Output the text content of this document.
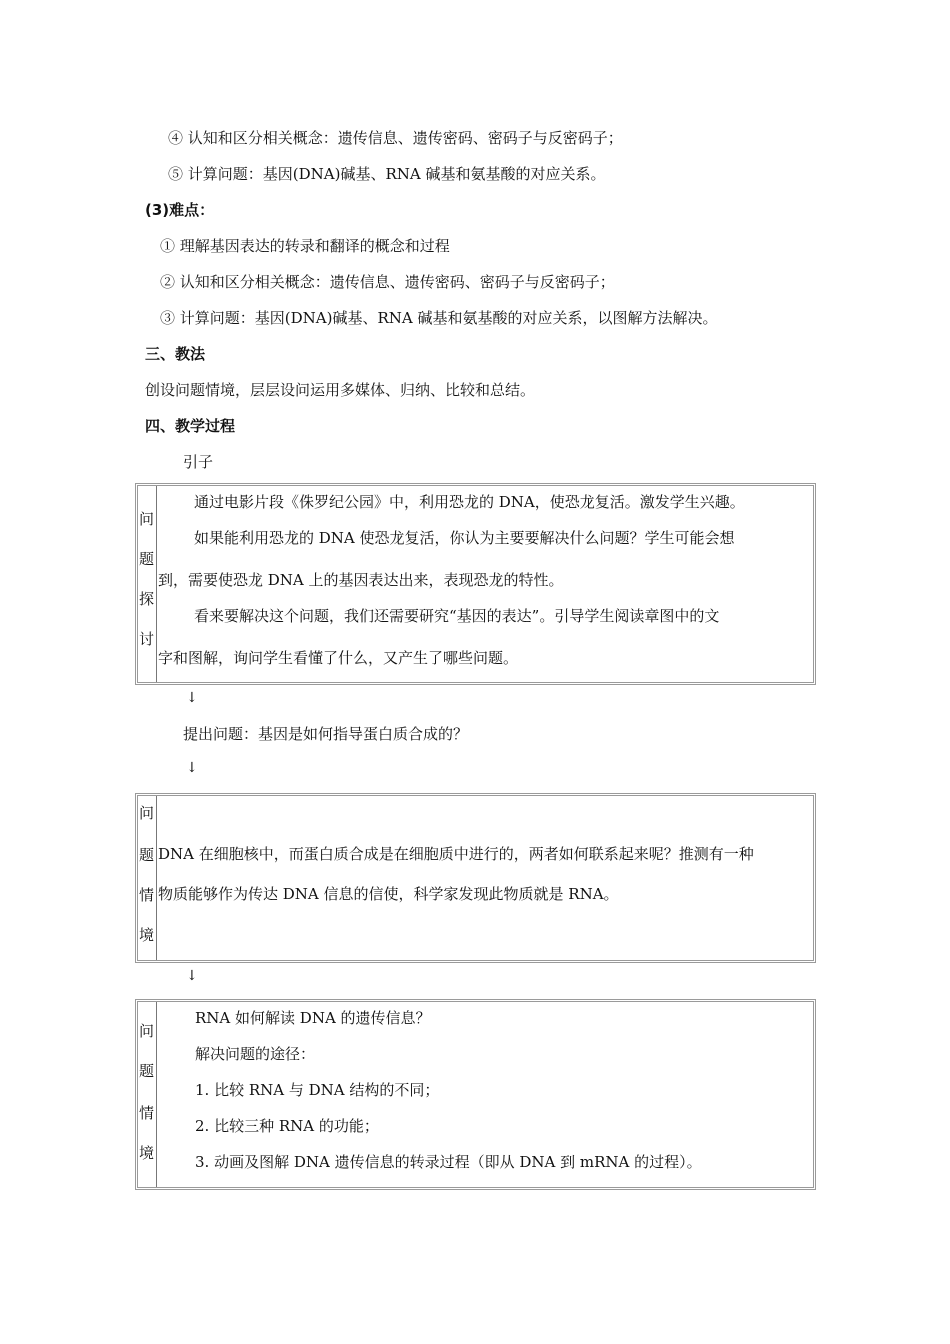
④ 认知和区分相关概念：遗传信息、遗传密码、密码子与反密码子；
⑤ 计算问题：基因(DNA)碱基、RNA 碱基和氨基酸的对应关系。
(3)难点：
① 理解基因表达的转录和翻译的概念和过程
② 认知和区分相关概念：遗传信息、遗传密码、密码子与反密码子；
③ 计算问题：基因(DNA)碱基、RNA 碱基和氨基酸的对应关系，以图解方法解决。
三、教法
创设问题情境，层层设问运用多媒体、归纳、比较和总结。
四、教学过程
引子
问
题
探
讨
通过电影片段《侏罗纪公园》中，利用恐龙的 DNA，使恐龙复活。激发学生兴趣。
如果能利用恐龙的 DNA 使恐龙复活，你认为主要要解决什么问题？学生可能会想
到，需要使恐龙 DNA 上的基因表达出来，表现恐龙的特性。
看来要解决这个问题，我们还需要研究“基因的表达”。引导学生阅读章图中的文
字和图解，询问学生看懂了什么，又产生了哪些问题。
↓
提出问题：基因是如何指导蛋白质合成的？
↓
问
题
情
境
DNA 在细胞核中，而蛋白质合成是在细胞质中进行的，两者如何联系起来呢？推测有一种
物质能够作为传达 DNA 信息的信使，科学家发现此物质就是 RNA。
↓
问
题
情
境
RNA 如何解读 DNA 的遗传信息？
解决问题的途径：
1. 比较 RNA 与 DNA 结构的不同；
2. 比较三种 RNA 的功能；
3. 动画及图解 DNA 遗传信息的转录过程（即从 DNA 到 mRNA 的过程）。
